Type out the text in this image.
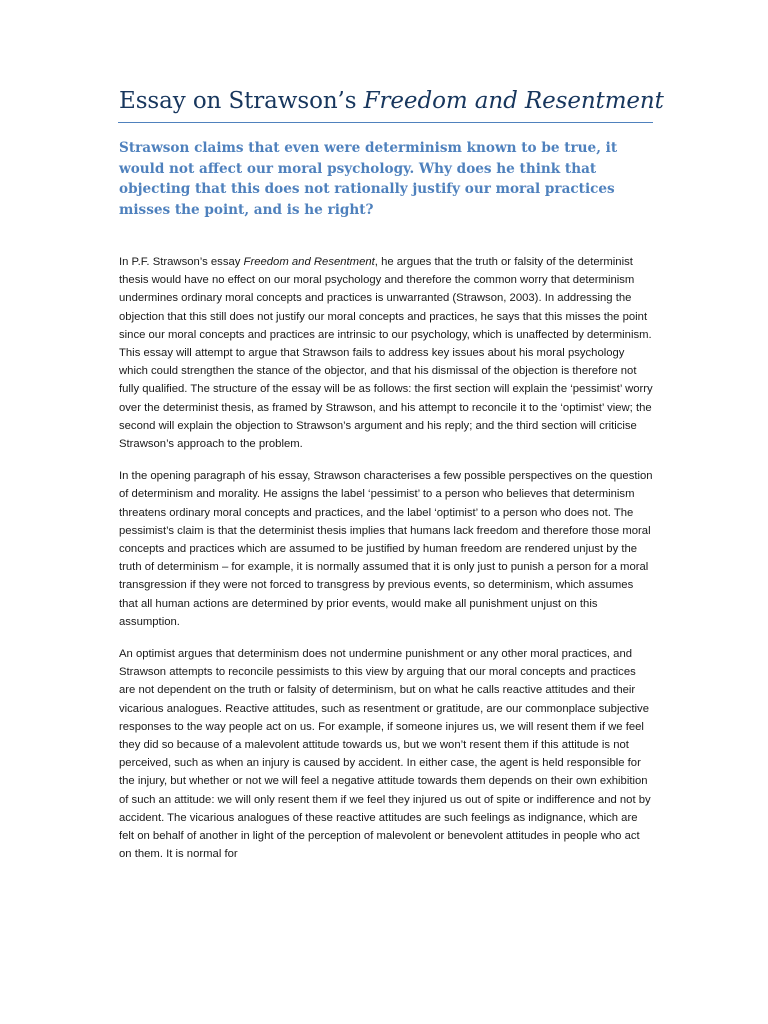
Essay on Strawson’s Freedom and Resentment
Strawson claims that even were determinism known to be true, it would not affect our moral psychology. Why does he think that objecting that this does not rationally justify our moral practices misses the point, and is he right?

In P.F. Strawson’s essay Freedom and Resentment, he argues that the truth or falsity of the determinist thesis would have no effect on our moral psychology and therefore the common worry that determinism undermines ordinary moral concepts and practices is unwarranted (Strawson, 2003). In addressing the objection that this still does not justify our moral concepts and practices, he says that this misses the point since our moral concepts and practices are intrinsic to our psychology, which is unaffected by determinism. This essay will attempt to argue that Strawson fails to address key issues about his moral psychology which could strengthen the stance of the objector, and that his dismissal of the objection is therefore not fully qualified. The structure of the essay will be as follows: the first section will explain the ‘pessimist’ worry over the determinist thesis, as framed by Strawson, and his attempt to reconcile it to the ‘optimist’ view; the second will explain the objection to Strawson’s argument and his reply; and the third section will criticise Strawson’s approach to the problem.

In the opening paragraph of his essay, Strawson characterises a few possible perspectives on the question of determinism and morality. He assigns the label ‘pessimist’ to a person who believes that determinism threatens ordinary moral concepts and practices, and the label ‘optimist’ to a person who does not. The pessimist’s claim is that the determinist thesis implies that humans lack freedom and therefore those moral concepts and practices which are assumed to be justified by human freedom are rendered unjust by the truth of determinism – for example, it is normally assumed that it is only just to punish a person for a moral transgression if they were not forced to transgress by previous events, so determinism, which assumes that all human actions are determined by prior events, would make all punishment unjust on this assumption.

An optimist argues that determinism does not undermine punishment or any other moral practices, and Strawson attempts to reconcile pessimists to this view by arguing that our moral concepts and practices are not dependent on the truth or falsity of determinism, but on what he calls reactive attitudes and their vicarious analogues. Reactive attitudes, such as resentment or gratitude, are our commonplace subjective responses to the way people act on us. For example, if someone injures us, we will resent them if we feel they did so because of a malevolent attitude towards us, but we won’t resent them if this attitude is not perceived, such as when an injury is caused by accident. In either case, the agent is held responsible for the injury, but whether or not we will feel a negative attitude towards them depends on their own exhibition of such an attitude: we will only resent them if we feel they injured us out of spite or indifference and not by accident. The vicarious analogues of these reactive attitudes are such feelings as indignance, which are felt on behalf of another in light of the perception of malevolent or benevolent attitudes in people who act on them. It is normal for
